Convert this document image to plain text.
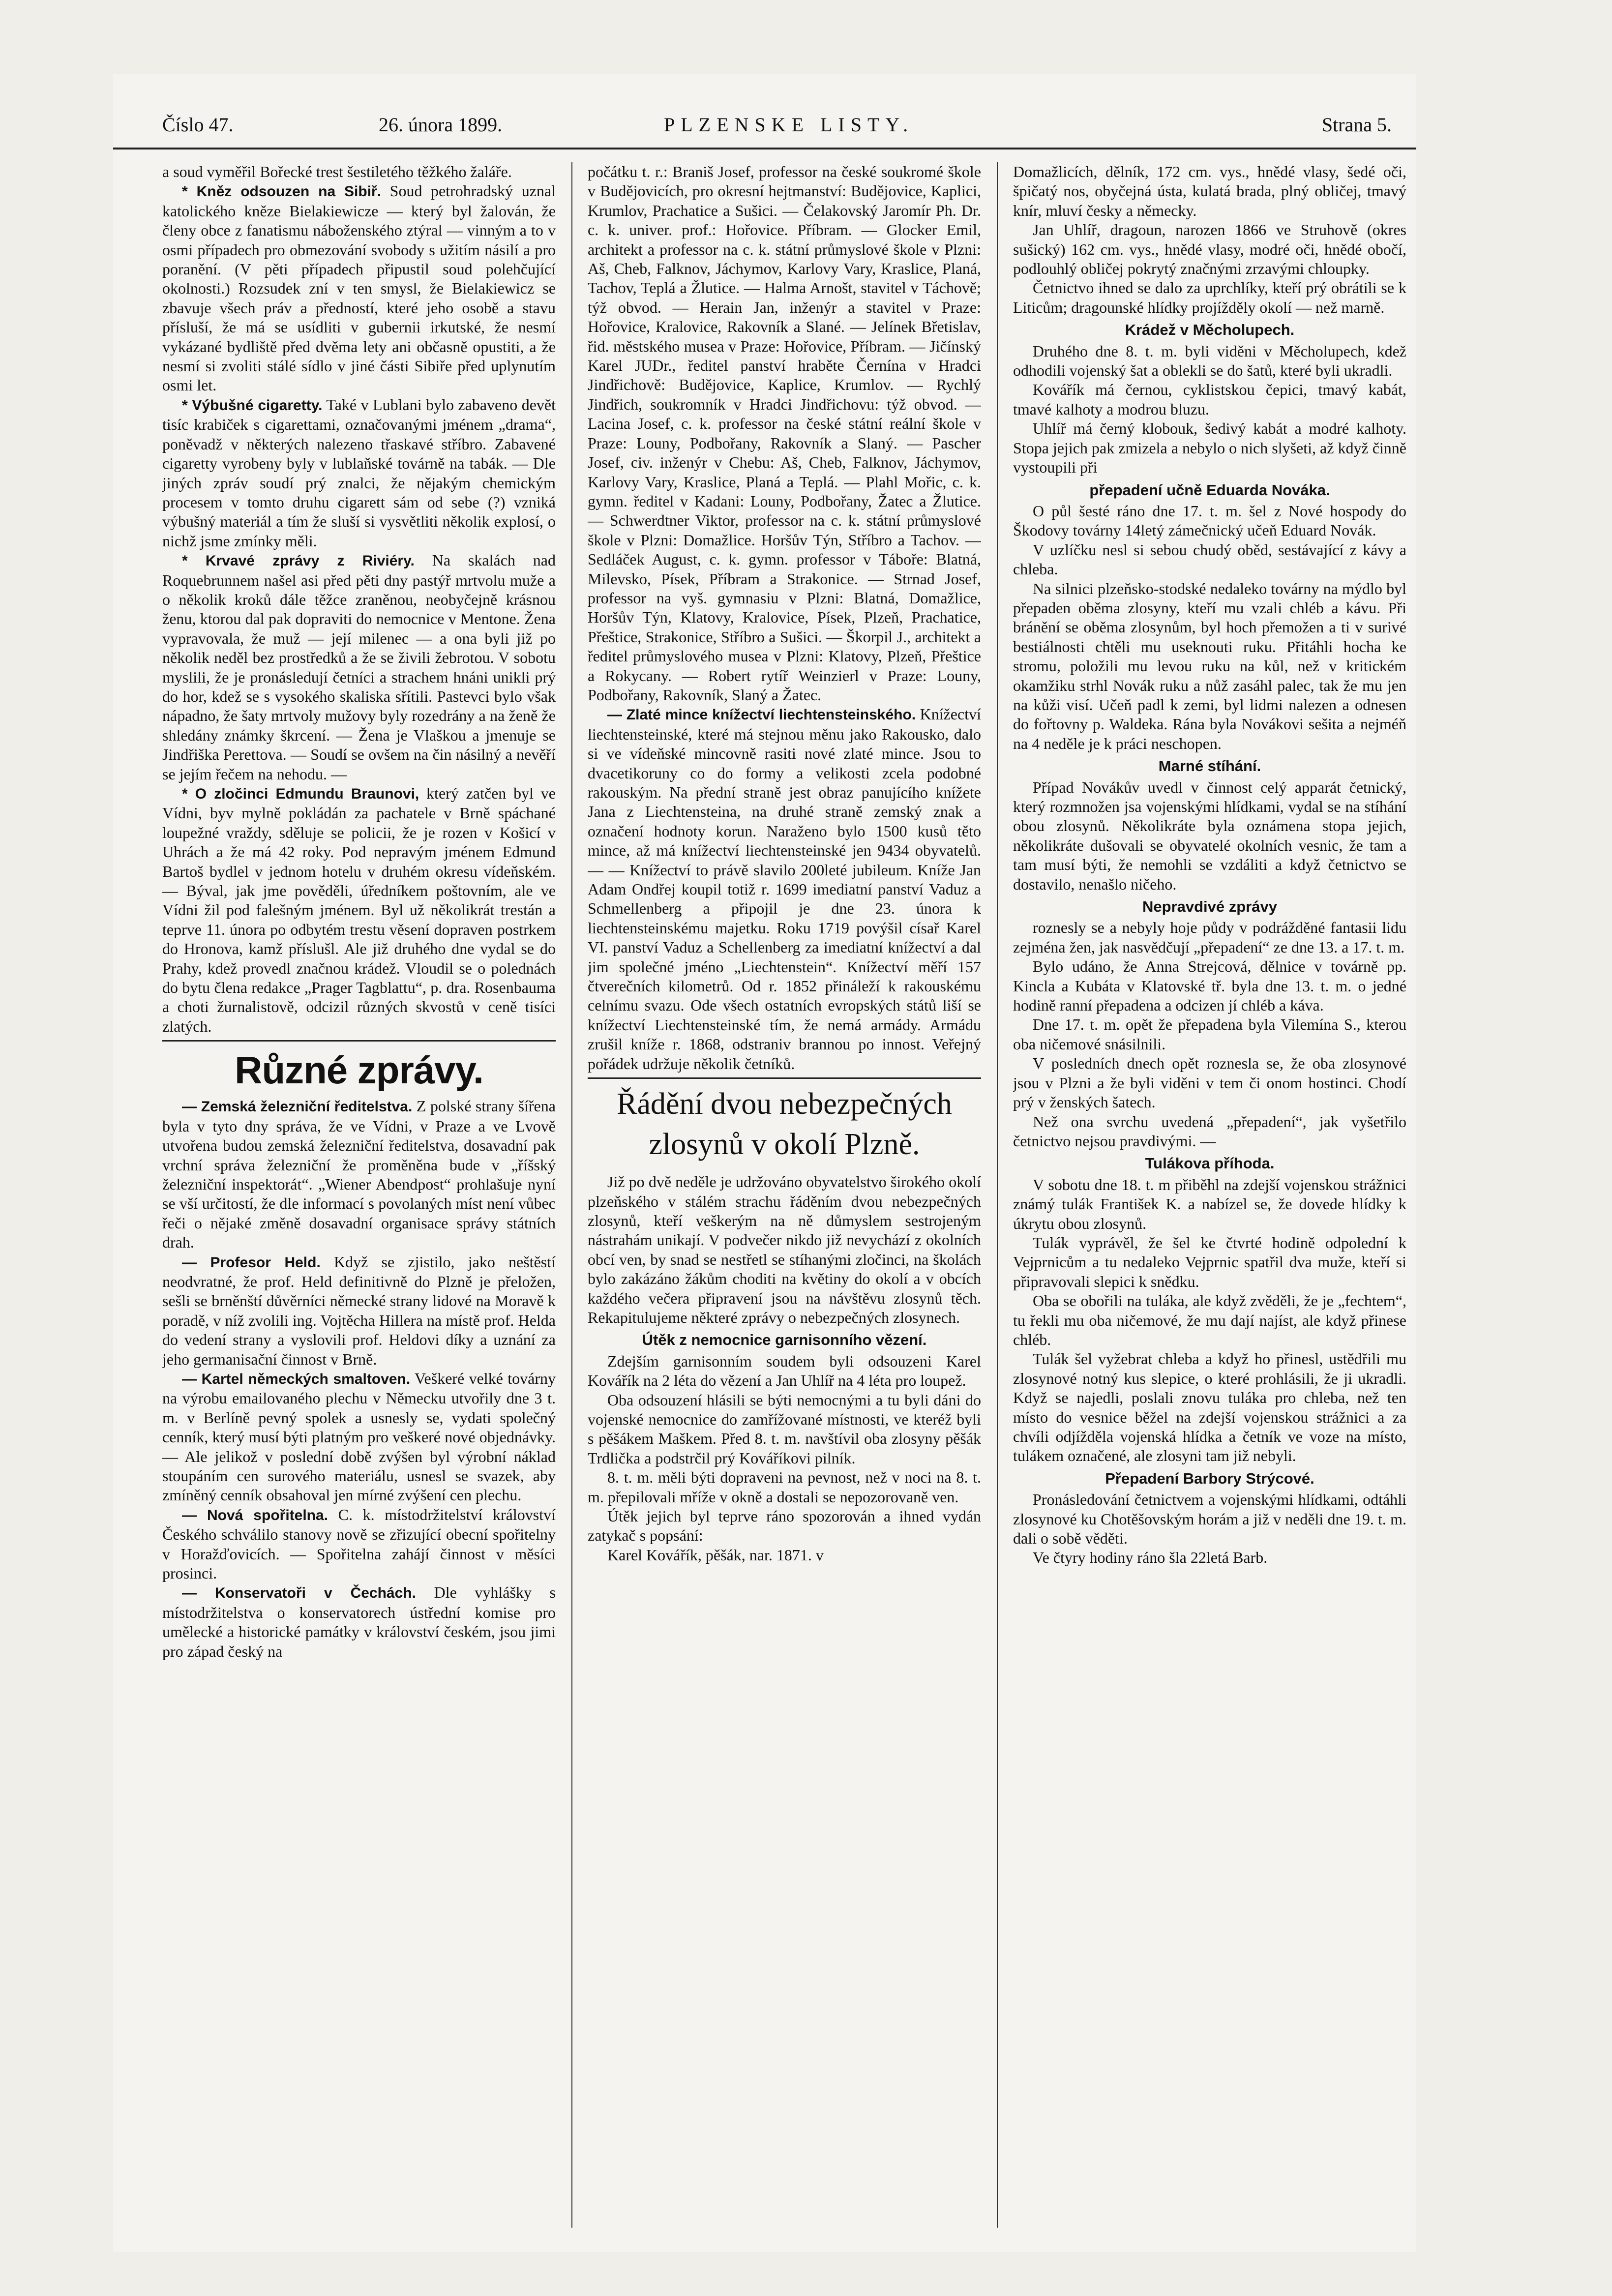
Číslo 47.	26. února 1899.	PLZENSKE LISTY.	Strana 5.

a soud vyměřil Bořecké trest šestiletého těžkého žaláře.

* Kněz odsouzen na Sibiř. Soud petrohradský uznal katolického kněze Bielakiewicze — který byl žalován, že členy obce z fanatismu náboženského ztýral — vinným a to v osmi případech pro obmezování svobody s užitím násilí a pro poranění. (V pěti případech připustil soud polehčující okolnosti.) Rozsudek zní v ten smysl, že Bielakiewicz se zbavuje všech práv a předností, které jeho osobě a stavu přísluší, že má se usídliti v gubernii irkutské, že nesmí vykázané bydliště před dvěma lety ani občasně opustiti, a že nesmí si zvoliti stálé sídlo v jiné části Sibiře před uplynutím osmi let.

* Výbušné cigaretty. Také v Lublani bylo zabaveno devět tisíc krabiček s cigarettami, označovanými jménem „drama“, poněvadž v některých nalezeno třaskavé stříbro. Zabavené cigaretty vyrobeny byly v lublaňské továrně na tabák. — Dle jiných zpráv soudí prý znalci, že nějakým chemickým procesem v tomto druhu cigarett sám od sebe (?) vzniká výbušný materiál a tím že sluší si vysvětliti několik explosí, o nichž jsme zmínky měli.

* Krvavé zprávy z Riviéry. Na skalách nad Roquebrunnem našel asi před pěti dny pastýř mrtvolu muže a o několik kroků dále těžce zraněnou, neobyčejně krásnou ženu, ktorou dal pak dopraviti do nemocnice v Mentone. Žena vypravovala, že muž — její milenec — a ona byli již po několik neděl bez prostředků a že se živili žebrotou. V sobotu myslili, že je pronásledují četníci a strachem hnáni unikli prý do hor, kdež se s vysokého skaliska sřítili. Pastevci bylo však nápadno, že šaty mrtvoly mužovy byly rozedrány a na ženě že shledány známky škrcení. — Žena je Vlaškou a jmenuje se Jindřiška Perettova. — Soudí se ovšem na čin násilný a nevěří se jejím řečem na nehodu. —

* O zločinci Edmundu Braunovi, který zatčen byl ve Vídni, byv mylně pokládán za pachatele v Brně spáchané loupežné vraždy, sděluje se policii, že je rozen v Košicí v Uhrách a že má 42 roky. Pod nepravým jménem Edmund Bartoš bydlel v jednom hotelu v druhém okresu vídeňském. — Býval, jak jme pověděli, úředníkem poštovním, ale ve Vídni žil pod falešným jménem. Byl už několikrát trestán a teprve 11. února po odbytém trestu věsení dopraven postrkem do Hronova, kamž příslušl. Ale již druhého dne vydal se do Prahy, kdež provedl značnou krádež. Vloudil se o polednách do bytu člena redakce „Prager Tagblattu“, p. dra. Rosenbauma a choti žurnalistově, odcizil různých skvostů v ceně tisíci zlatých.

Různé zprávy.

— Zemská železniční ředitelstva. Z polské strany šířena byla v tyto dny správa, že ve Vídni, v Praze a ve Lvově utvořena budou zemská železniční ředitelstva, dosavadní pak vrchní správa železniční že proměněna bude v „říšský železniční inspektorát“. „Wiener Abendpost“ prohlašuje nyní se vší určitostí, že dle informací s povolaných míst není vůbec řeči o nějaké změně dosavadní organisace správy státních drah.

— Profesor Held. Když se zjistilo, jako neštěstí neodvratné, že prof. Held definitivně do Plzně je přeložen, sešli se brněnští důvěrníci německé strany lidové na Moravě k poradě, v níž zvolili ing. Vojtěcha Hillera na místě prof. Helda do vedení strany a vyslovili prof. Heldovi díky a uznání za jeho germanisační činnost v Brně.

— Kartel německých smaltoven. Veškeré velké továrny na výrobu emailovaného plechu v Německu utvořily dne 3 t. m. v Berlíně pevný spolek a usnesly se, vydati společný cenník, který musí býti platným pro veškeré nové objednávky. — Ale jelikož v poslední době zvýšen byl výrobní náklad stoupáním cen surového materiálu, usnesl se svazek, aby zmíněný cenník obsahoval jen mírné zvýšení cen plechu.

— Nová spořitelna. C. k. místodržitelství království Českého schválilo stanovy nově se zřizující obecní spořitelny v Horažďovicích. — Spořitelna zahájí činnost v měsíci prosinci.

— Konservatoři v Čechách. Dle vyhlášky s místodržitelstva o konservatorech ústřední komise pro umělecké a historické památky v království českém, jsou jimi pro západ český na

počátku t. r.: Braniš Josef, professor na české soukromé škole v Budějovicích, pro okresní hejtmanství: Budějovice, Kaplici, Krumlov, Prachatice a Sušici. — Čelakovský Jaromír Ph. Dr. c. k. univer. prof.: Hořovice. Příbram. — Glocker Emil, architekt a professor na c. k. státní průmyslové škole v Plzni: Aš, Cheb, Falknov, Jáchymov, Karlovy Vary, Kraslice, Planá, Tachov, Teplá a Žlutice. — Halma Arnošt, stavitel v Táchově; týž obvod. — Herain Jan, inženýr a stavitel v Praze: Hořovice, Kralovice, Rakovník a Slané. — Jelínek Břetislav, řid. městského musea v Praze: Hořovice, Příbram. — Jičínský Karel JUDr., ředitel panství hraběte Černína v Hradci Jindřichově: Budějovice, Kaplice, Krumlov. — Rychlý Jindřich, soukromník v Hradci Jindřichovu: týž obvod. — Lacina Josef, c. k. professor na české státní reální škole v Praze: Louny, Podbořany, Rakovník a Slaný. — Pascher Josef, civ. inženýr v Chebu: Aš, Cheb, Falknov, Jáchymov, Karlovy Vary, Kraslice, Planá a Teplá. — Plahl Mořic, c. k. gymn. ředitel v Kadani: Louny, Podbořany, Žatec a Žlutice. — Schwerdtner Viktor, professor na c. k. státní průmyslové škole v Plzni: Domažlice. Horšův Týn, Stříbro a Tachov. — Sedláček August, c. k. gymn. professor v Táboře: Blatná, Milevsko, Písek, Příbram a Strakonice. — Strnad Josef, professor na vyš. gymnasiu v Plzni: Blatná, Domažlice, Horšův Týn, Klatovy, Kralovice, Písek, Plzeň, Prachatice, Přeštice, Strakonice, Stříbro a Sušici. — Škorpil J., architekt a ředitel průmyslového musea v Plzni: Klatovy, Plzeň, Přeštice a Rokycany. — Robert rytíř Weinzierl v Praze: Louny, Podbořany, Rakovník, Slaný a Žatec.

— Zlaté mince knížectví liechtensteinského. Knížectví liechtensteinské, které má stejnou měnu jako Rakousko, dalo si ve vídeňské mincovně rasiti nové zlaté mince. Jsou to dvacetikoruny co do formy a velikosti zcela podobné rakouským. Na přední straně jest obraz panujícího knížete Jana z Liechtensteina, na druhé straně zemský znak a označení hodnoty korun. Naraženo bylo 1500 kusů těto mince, až má knížectví liechtensteinské jen 9434 obyvatelů. — — Knížectví to právě slavilo 200leté jubileum. Kníže Jan Adam Ondřej koupil totiž r. 1699 imediatní panství Vaduz a Schmellenberg a připojil je dne 23. února k liechtensteinskému majetku. Roku 1719 povýšil císař Karel VI. panství Vaduz a Schellenberg za imediatní knížectví a dal jim společné jméno „Liechtenstein“. Knížectví měří 157 čtverečních kilometrů. Od r. 1852 přináleží k rakouskému celnímu svazu. Ode všech ostatních evropských států liší se knížectví Liechtensteinské tím, že nemá armády. Armádu zrušil kníže r. 1868, odstraniv brannou po innost. Veřejný pořádek udržuje několik četníků.

Řádění dvou nebezpečných zlosynů v okolí Plzně.

Již po dvě neděle je udržováno obyvatelstvo širokého okolí plzeňského v stálém strachu řáděním dvou nebezpečných zlosynů, kteří veškerým na ně důmyslem sestrojeným nástrahám unikají. V podvečer nikdo již nevychází z okolních obcí ven, by snad se nestřetl se stíhanými zločinci, na školách bylo zakázáno žákům choditi na květiny do okolí a v obcích každého večera připravení jsou na návštěvu zlosynů těch. Rekapitulujeme některé zprávy o nebezpečných zlosynech.

Útěk z nemocnice garnisonního vězení.

Zdejším garnisonním soudem byli odsouzeni Karel Kovářík na 2 léta do vězení a Jan Uhlíř na 4 léta pro loupež.

Oba odsouzení hlásili se býti nemocnými a tu byli dáni do vojenské nemocnice do zamřížované místnosti, ve kteréž byli s pěšákem Maškem. Před 8. t. m. navštívil oba zlosyny pěšák Trdlička a podstrčil prý Kováříkovi pilník.

8. t. m. měli býti dopraveni na pevnost, než v noci na 8. t. m. přepilovali mříže v okně a dostali se nepozorovaně ven.

Útěk jejich byl teprve ráno spozorován a ihned vydán zatykač s popsání:

Karel Kovářík, pěšák, nar. 1871. v

Domažlicích, dělník, 172 cm. vys., hnědé vlasy, šedé oči, špičatý nos, obyčejná ústa, kulatá brada, plný obličej, tmavý knír, mluví česky a německy.

Jan Uhlíř, dragoun, narozen 1866 ve Struhově (okres sušický) 162 cm. vys., hnědé vlasy, modré oči, hnědé obočí, podlouhlý obličej pokrytý značnými zrzavými chloupky.

Četnictvo ihned se dalo za uprchlíky, kteří prý obrátili se k Liticům; dragounské hlídky projížděly okolí — než marně.

Krádež v Měcholupech.

Druhého dne 8. t. m. byli viděni v Měcholupech, kdež odhodili vojenský šat a oblekli se do šatů, které byli ukradli.

Kovářík má černou, cyklistskou čepici, tmavý kabát, tmavé kalhoty a modrou bluzu.

Uhlíř má černý klobouk, šedivý kabát a modré kalhoty. Stopa jejich pak zmizela a nebylo o nich slyšeti, až když činně vystoupili při

přepadení učně Eduarda Nováka.

O půl šesté ráno dne 17. t. m. šel z Nové hospody do Škodovy továrny 14letý zámečnický učeň Eduard Novák.

V uzlíčku nesl si sebou chudý oběd, sestávající z kávy a chleba.

Na silnici plzeňsko-stodské nedaleko továrny na mýdlo byl přepaden oběma zlosyny, kteří mu vzali chléb a kávu. Při bránění se oběma zlosynům, byl hoch přemožen a ti v surivé bestiálnosti chtěli mu useknouti ruku. Přitáhli hocha ke stromu, položili mu levou ruku na kůl, než v kritickém okamžiku strhl Novák ruku a nůž zasáhl palec, tak že mu jen na kůži visí. Učeň padl k zemi, byl lidmi nalezen a odnesen do fořtovny p. Waldeka. Rána byla Novákovi sešita a nejméň na 4 neděle je k práci neschopen.

Marné stíhání.

Případ Novákův uvedl v činnost celý apparát četnický, který rozmnožen jsa vojenskými hlídkami, vydal se na stíhání obou zlosynů. Několikráte byla oznámena stopa jejich, několikráte dušovali se obyvatelé okolních vesnic, že tam a tam musí býti, že nemohli se vzdáliti a když četnictvo se dostavilo, nenašlo ničeho.

Nepravdivé zprávy

roznesly se a nebyly hoje půdy v podrážděné fantasii lidu zejména žen, jak nasvědčují „přepadení“ ze dne 13. a 17. t. m.

Bylo udáno, že Anna Strejcová, dělnice v továrně pp. Kincla a Kubáta v Klatovské tř. byla dne 13. t. m. o jedné hodině ranní přepadena a odcizen jí chléb a káva.

Dne 17. t. m. opět že přepadena byla Vilemína S., kterou oba ničemové snásilnili.

V posledních dnech opět roznesla se, že oba zlosynové jsou v Plzni a že byli viděni v tem či onom hostinci. Chodí prý v ženských šatech.

Než ona svrchu uvedená „přepadení“, jak vyšetřilo četnictvo nejsou pravdivými. —

Tulákova příhoda.

V sobotu dne 18. t. m přiběhl na zdejší vojenskou strážnici známý tulák František K. a nabízel se, že dovede hlídky k úkrytu obou zlosynů.

Tulák vyprávěl, že šel ke čtvrté hodině odpolední k Vejprnicům a tu nedaleko Vejprnic spatřil dva muže, kteří si připravovali slepici k snědku.

Oba se obořili na tuláka, ale když zvěděli, že je „fechtem“, tu řekli mu oba ničemové, že mu dají najíst, ale když přinese chléb.

Tulák šel vyžebrat chleba a když ho přinesl, ustědřili mu zlosynové notný kus slepice, o které prohlásili, že ji ukradli. Když se najedli, poslali znovu tuláka pro chleba, než ten místo do vesnice běžel na zdejší vojenskou strážnici a za chvíli odjížděla vojenská hlídka a četník ve voze na místo, tulákem označené, ale zlosyni tam již nebyli.

Přepadení Barbory Strýcové.

Pronásledování četnictvem a vojenskými hlídkami, odtáhli zlosynové ku Chotěšovským horám a již v neděli dne 19. t. m. dali o sobě věděti.

Ve čtyry hodiny ráno šla 22letá Barb.
